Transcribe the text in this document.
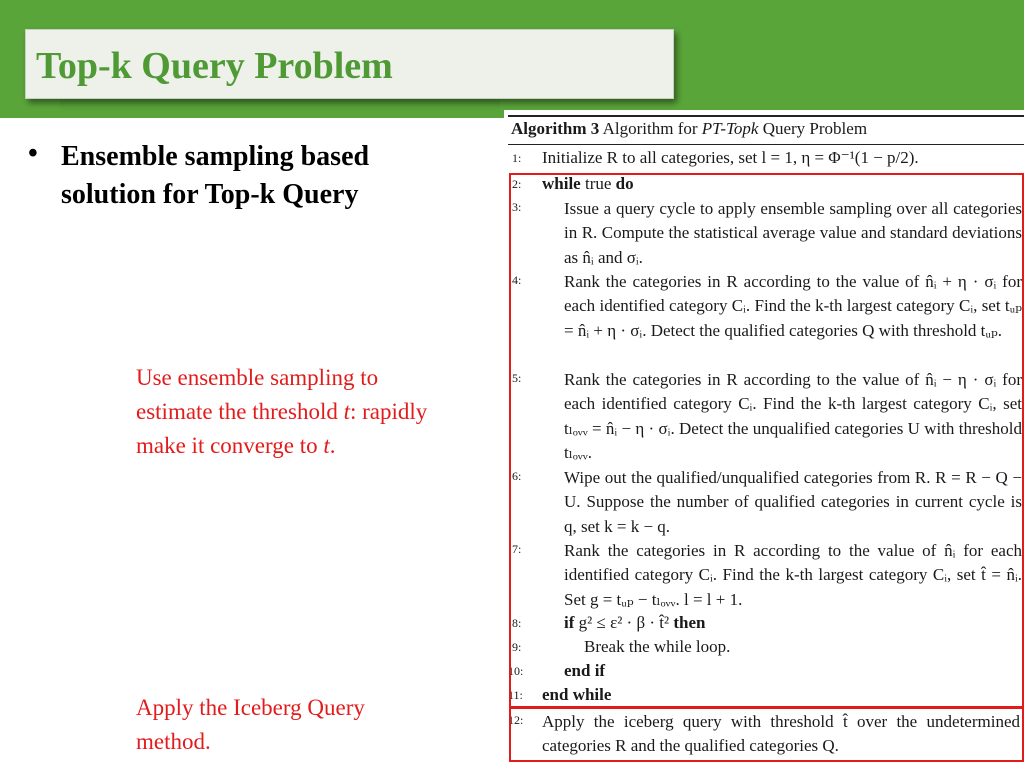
Top-k Query Problem
• Ensemble sampling based solution for Top-k Query
Use ensemble sampling to estimate the threshold t: rapidly make it converge to t.
Apply the Iceberg Query method.
Algorithm 3 Algorithm for PT-Topk Query Problem
1:	Initialize R to all categories, set l = 1, η = Φ⁻¹(1 − p/2).
2:	while true do
3:	Issue a query cycle to apply ensemble sampling over all categories in R. Compute the statistical average value and standard deviations as n̂ᵢ and σᵢ.
4:	Rank the categories in R according to the value of n̂ᵢ + η · σᵢ for each identified category Cᵢ. Find the k-th largest category Cᵢ, set tᵤₚ = n̂ᵢ + η · σᵢ. Detect the qualified categories Q with threshold tᵤₚ.
5:	Rank the categories in R according to the value of n̂ᵢ − η · σᵢ for each identified category Cᵢ. Find the k-th largest category Cᵢ, set tₗₒᵥᵥ = n̂ᵢ − η · σᵢ. Detect the unqualified categories U with threshold tₗₒᵥᵥ.
6:	Wipe out the qualified/unqualified categories from R. R = R − Q − U. Suppose the number of qualified categories in current cycle is q, set k = k − q.
7:	Rank the categories in R according to the value of n̂ᵢ for each identified category Cᵢ. Find the k-th largest category Cᵢ, set t̂ = n̂ᵢ. Set g = tᵤₚ − tₗₒᵥᵥ. l = l + 1.
8:	if g² ≤ ε² · β · t̂² then
9:	Break the while loop.
10:	end if
11:	end while
12:	Apply the iceberg query with threshold t̂ over the undetermined categories R and the qualified categories Q.
